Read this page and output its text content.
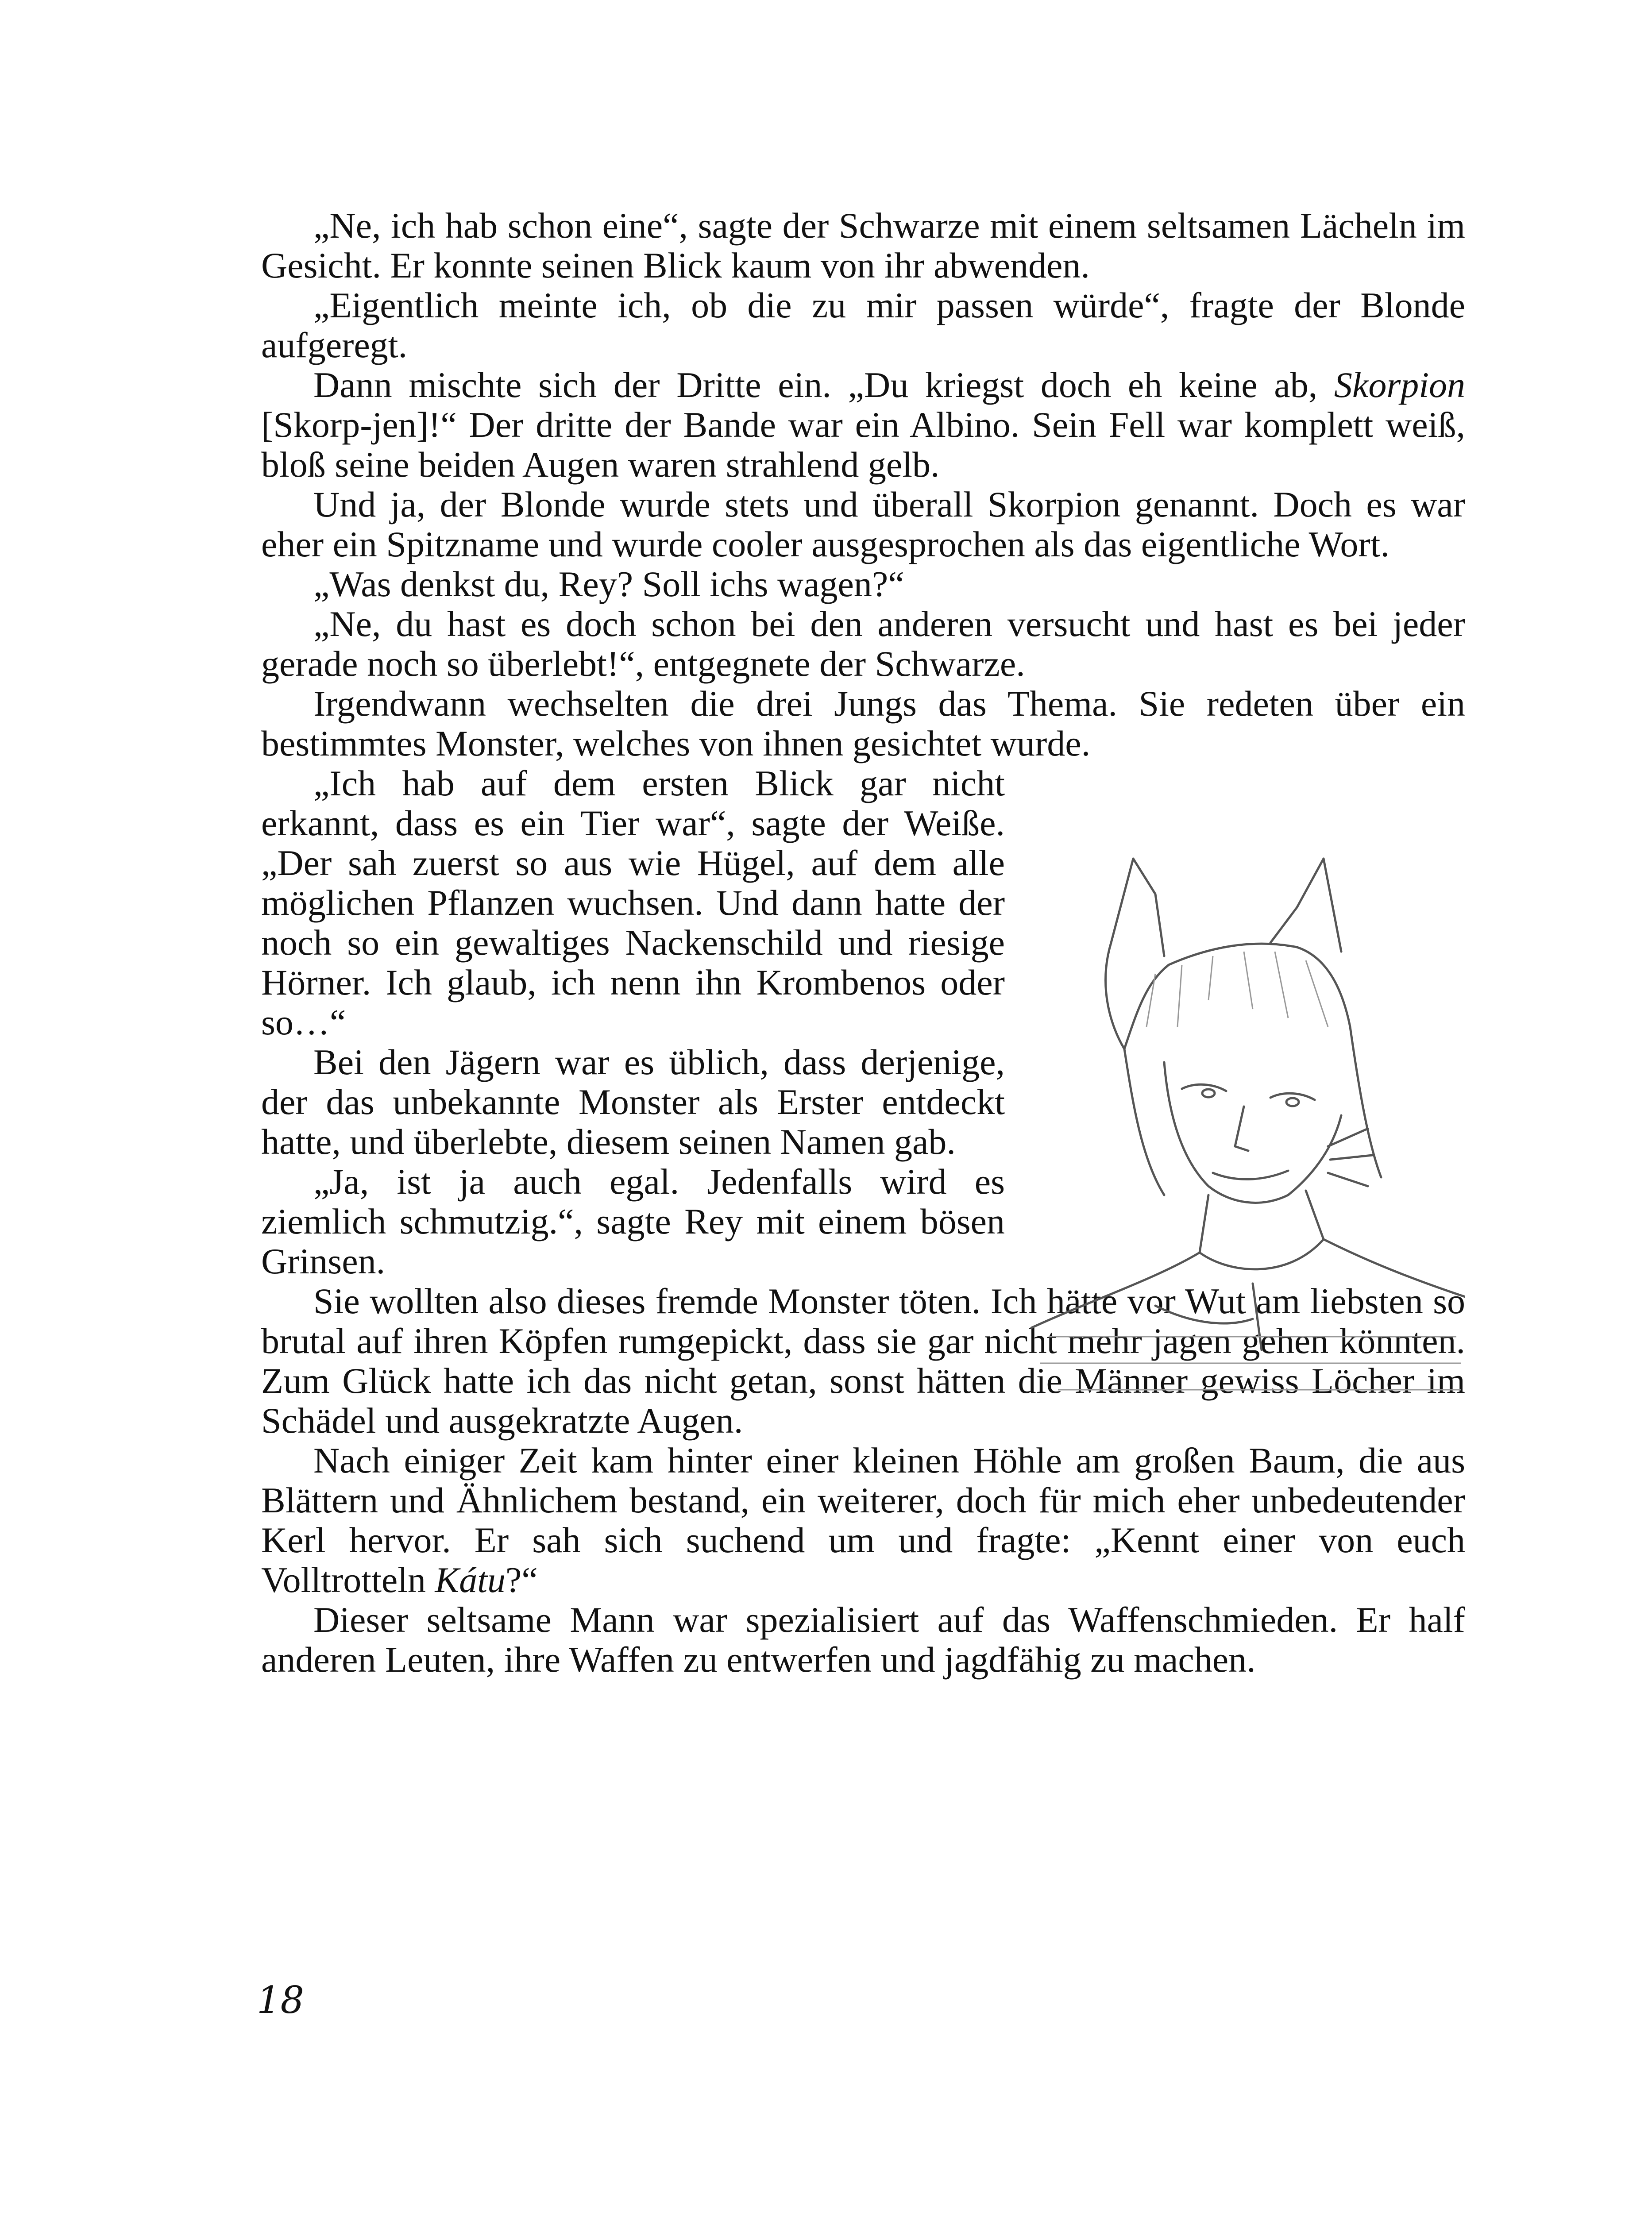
„Ne, ich hab schon eine“, sagte der Schwarze mit einem seltsamen Lächeln im Gesicht. Er konnte seinen Blick kaum von ihr abwenden.

„Eigentlich meinte ich, ob die zu mir passen würde“, fragte der Blonde aufgeregt.

Dann mischte sich der Dritte ein. „Du kriegst doch eh keine ab, Skorpion [Skorp-jen]!“ Der dritte der Bande war ein Albino. Sein Fell war komplett weiß, bloß seine beiden Augen waren strahlend gelb.

Und ja, der Blonde wurde stets und überall Skorpion genannt. Doch es war eher ein Spitzname und wurde cooler ausgesprochen als das eigentliche Wort.

„Was denkst du, Rey? Soll ichs wagen?“

„Ne, du hast es doch schon bei den anderen versucht und hast es bei jeder gerade noch so überlebt!“, entgegnete der Schwarze.

Irgendwann wechselten die drei Jungs das Thema. Sie redeten über ein bestimmtes Monster, welches von ihnen gesichtet wurde.

„Ich hab auf dem ersten Blick gar nicht erkannt, dass es ein Tier war“, sagte der Weiße. „Der sah zuerst so aus wie Hügel, auf dem alle möglichen Pflanzen wuchsen. Und dann hatte der noch so ein gewaltiges Nackenschild und riesige Hörner. Ich glaub, ich nenn ihn Krombenos oder so…“

Bei den Jägern war es üblich, dass derjenige, der das unbekannte Monster als Erster entdeckt hatte, und überlebte, diesem seinen Namen gab.

„Ja, ist ja auch egal. Jedenfalls wird es ziemlich schmutzig.“, sagte Rey mit einem bösen Grinsen.

Sie wollten also dieses fremde Monster töten. Ich hätte vor Wut am liebsten so brutal auf ihren Köpfen rumgepickt, dass sie gar nicht mehr jagen gehen könnten. Zum Glück hatte ich das nicht getan, sonst hätten die Männer gewiss Löcher im Schädel und ausgekratzte Augen.

Nach einiger Zeit kam hinter einer kleinen Höhle am großen Baum, die aus Blättern und Ähnlichem bestand, ein weiterer, doch für mich eher unbedeutender Kerl hervor. Er sah sich suchend um und fragte: „Kennt einer von euch Volltrotteln Kátu?“

Dieser seltsame Mann war spezialisiert auf das Waffenschmieden. Er half anderen Leuten, ihre Waffen zu entwerfen und jagdfähig zu machen.

18
